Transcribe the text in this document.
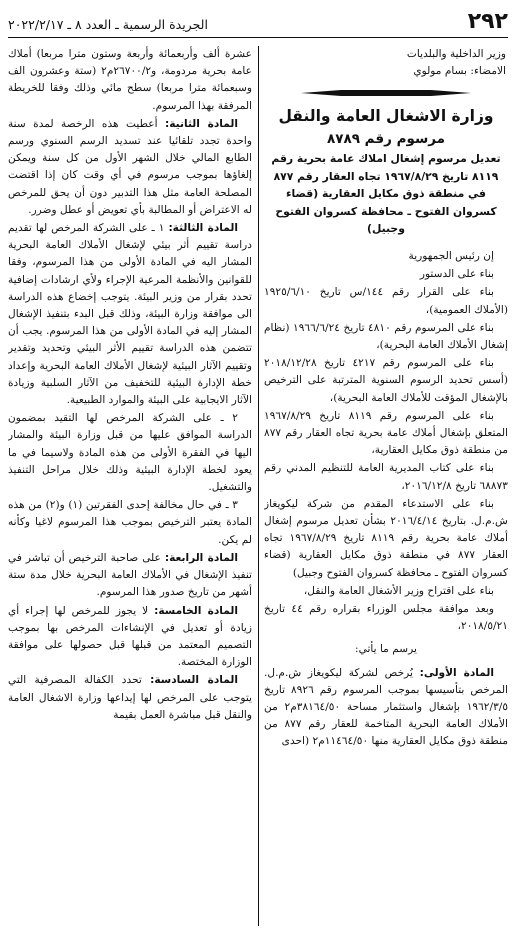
٢٩٢
الجريدة الرسمية ـ العدد ٨ ـ ٢٠٢٢/٢/١٧
وزير الداخلية والبلديات
الامضاء: بسام مولوي
وزارة الاشغال العامة والنقل
مرسوم رقم ٨٧٨٩
تعديل مرسوم إشغال املاك عامة بحرية رقم ٨١١٩ تاريخ ١٩٦٧/٨/٢٩ تجاه العقار رقم ٨٧٧ في منطقة ذوق مكايل العقارية (قضاء كسروان الفتوح ـ محافظة كسروان الفتوح وجبيل)

إن رئيس الجمهورية

بناء على الدستور

بناء على القرار رقم ١٤٤/س تاريخ ١٩٢٥/٦/١٠ (الأملاك العمومية)،

بناء على المرسوم رقم ٤٨١٠ تاريخ ١٩٦٦/٦/٢٤ (نظام إشغال الأملاك العامة البحرية)،

بناء على المرسوم رقم ٤٢١٧ تاريخ ٢٠١٨/١٢/٢٨ (أسس تحديد الرسوم السنوية المترتبة على الترخيص بالإشغال المؤقت للأملاك العامة البحرية)،

بناء على المرسوم رقم ٨١١٩ تاريخ ١٩٦٧/٨/٢٩ المتعلق بإشغال أملاك عامة بحرية تجاه العقار رقم ٨٧٧ من منطقة ذوق مكايل العقارية،

بناء على كتاب المديرية العامة للتنظيم المدني رقم ٦٨٨٧٣ تاريخ ٢٠١٦/١٢/٨،

بناء على الاستدعاء المقدم من شركة ليكويغاز ش.م.ل. بتاريخ ٢٠١٦/٤/١٤ بشأن تعديل مرسوم إشغال أملاك عامة بحرية رقم ٨١١٩ تاريخ ١٩٦٧/٨/٢٩ تجاه العقار ٨٧٧ في منطقة ذوق مكايل العقارية (قضاء كسروان الفتوح ـ محافظة كسروان الفتوح وجبيل)

بناء على اقتراح وزير الأشغال العامة والنقل،

وبعد موافقة مجلس الوزراء بقراره رقم ٤٤ تاريخ ٢٠١٨/٥/٢١،

يرسم ما يأتي:

المادة الأولى: يُرخص لشركة ليكويغاز ش.م.ل. المرخص بتأسيسها بموجب المرسوم رقم ٨٩٢٦ تاريخ ١٩٦٢/٣/٥ بإشغال واستثمار مساحة ٣٨١٦٤/٥٠م٢ من الأملاك العامة البحرية المتاخمة للعقار رقم ٨٧٧ من منطقة ذوق مكايل العقارية منها ١١٤٦٤/٥٠م٢ (احدى

عشرة ألف وأربعمائة وأربعة وستون مترا مربعا) أملاك عامة بحرية مردومة، و٢٦٧٠٠/٢م٢ (ستة وعشرون الف وسبعمائة مترا مربعا) سطح مائي وذلك وفقا للخريطة المرفقة بهذا المرسوم.

المادة الثانية: أعطيت هذه الرخصة لمدة سنة واحدة تجدد تلقائيا عند تسديد الرسم السنوي ورسم الطابع المالي خلال الشهر الأول من كل سنة ويمكن إلغاؤها بموجب مرسوم في أي وقت كان إذا اقتضت المصلحة العامة مثل هذا التدبير دون أن يحق للمرخص له الاعتراض أو المطالبة بأي تعويض أو عطل وضرر.

المادة الثالثة: ١ ـ على الشركة المرخص لها تقديم دراسة تقييم أثر بيئي لإشغال الأملاك العامة البحرية المشار اليه في المادة الأولى من هذا المرسوم، وفقا للقوانين والأنظمة المرعية الإجراء ولأي ارشادات إضافية تحدد بقرار من وزير البيئة. يتوجب إخضاع هذه الدراسة الى موافقة وزارة البيئة، وذلك قبل البدء بتنفيذ الإشغال المشار إليه في المادة الأولى من هذا المرسوم. يجب أن تتضمن هذه الدراسة تقييم الأثر البيئي وتحديد وتقدير وتقييم الآثار البيئية لإشغال الأملاك العامة البحرية وإعداد خطة الإدارة البيئية للتخفيف من الآثار السلبية وزيادة الآثار الايجابية على البيئة والموارد الطبيعية.

٢ ـ على الشركة المرخص لها التقيد بمضمون الدراسة الموافق عليها من قبل وزارة البيئة والمشار اليها في الفقرة الأولى من هذه المادة ولاسيما في ما يعود لخطة الإدارة البيئية وذلك خلال مراحل التنفيذ والتشغيل.

٣ ـ في حال مخالفة إحدى الفقرتين (١) و(٢) من هذه المادة يعتبر الترخيص بموجب هذا المرسوم لاغيا وكأنه لم يكن.

المادة الرابعة: على صاحبة الترخيص أن تباشر في تنفيذ الإشغال في الأملاك العامة البحرية خلال مدة ستة أشهر من تاريخ صدور هذا المرسوم.

المادة الخامسة: لا يجوز للمرخص لها إجراء أي زيادة أو تعديل في الإنشاءات المرخص بها بموجب التصميم المعتمد من قبلها قبل حصولها على موافقة الوزارة المختصة.

المادة السادسة: تحدد الكفالة المصرفية التي يتوجب على المرخص لها إيداعها وزارة الاشغال العامة والنقل قبل مباشرة العمل بقيمة
